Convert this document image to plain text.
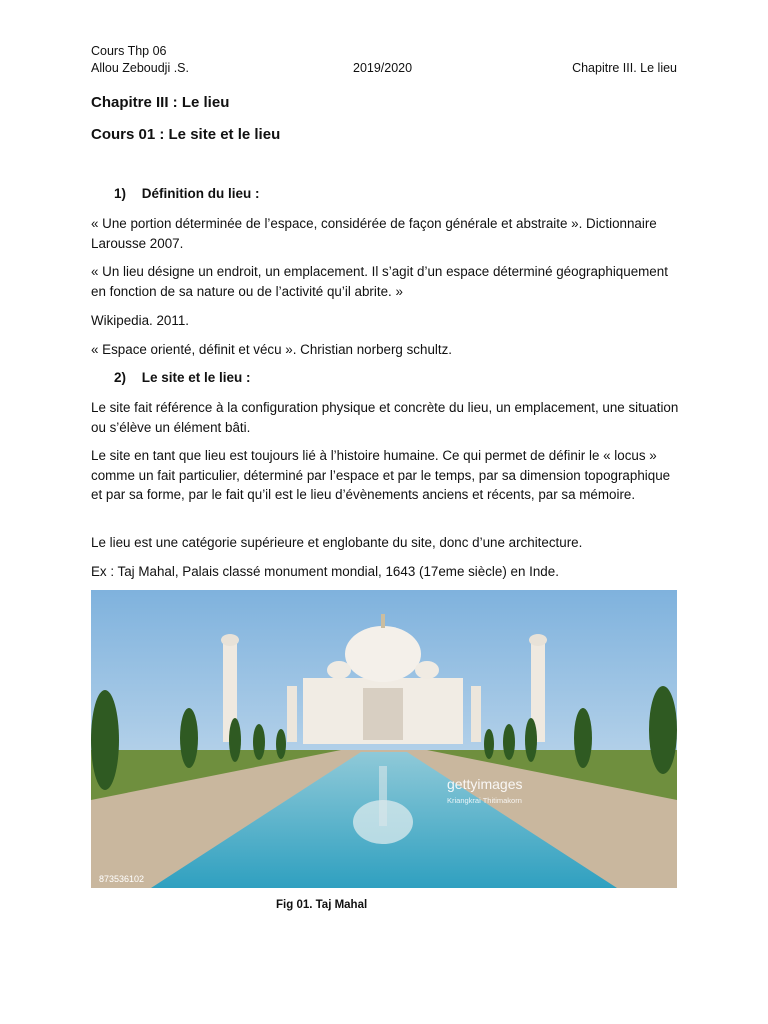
Cours Thp 06
Allou Zeboudji .S.	2019/2020	Chapitre III. Le lieu
Chapitre III : Le lieu
Cours 01 : Le site et le lieu
1) Définition du lieu :
« Une portion déterminée de l’espace, considérée de façon générale et abstraite ». Dictionnaire Larousse 2007.
« Un lieu désigne un endroit, un emplacement. Il s’agit d’un espace déterminé géographiquement en fonction de sa nature ou de l’activité qu’il abrite. »
Wikipedia. 2011.
« Espace orienté, définit et vécu ». Christian norberg schultz.
2) Le site et le lieu :
Le site fait référence à la configuration physique et concrète du lieu, un emplacement, une situation ou s’élève un élément bâti.
Le site en tant que lieu est toujours lié à l’histoire humaine. Ce qui permet de définir le « locus » comme un fait particulier, déterminé par l’espace et par le temps, par sa dimension topographique et par sa forme, par le fait qu’il est le lieu d’évènements anciens et récents, par sa mémoire.
Le lieu est une catégorie supérieure et englobante du site, donc d’une architecture.
Ex : Taj Mahal, Palais classé monument mondial, 1643 (17eme siècle) en Inde.
gettyimages
Kriangkrai Thitimakorn
873536102
Fig 01. Taj Mahal
